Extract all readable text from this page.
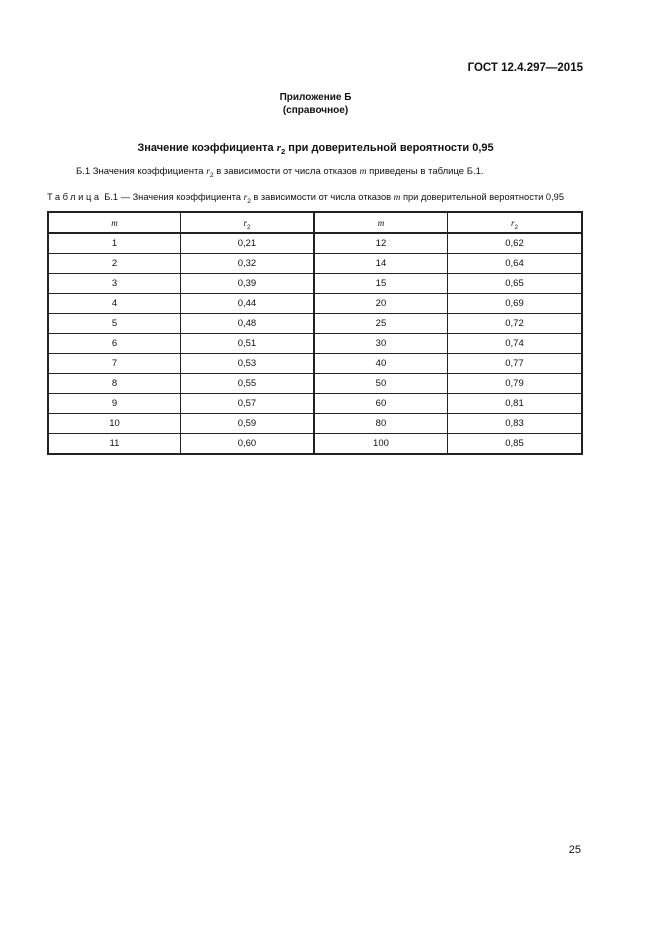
ГОСТ 12.4.297—2015
Приложение Б
(справочное)
Значение коэффициента $r_2$ при доверительной вероятности 0,95
Б.1 Значения коэффициента $r_2$ в зависимости от числа отказов m приведены в таблице Б.1.
Таблица Б.1 — Значения коэффициента $r_2$ в зависимости от числа отказов m при доверительной вероятности 0,95
m	$r_2$	m	$r_2$
1	0,21	12	0,62
2	0,32	14	0,64
3	0,39	15	0,65
4	0,44	20	0,69
5	0,48	25	0,72
6	0,51	30	0,74
7	0,53	40	0,77
8	0,55	50	0,79
9	0,57	60	0,81
10	0,59	80	0,83
11	0,60	100	0,85
25
